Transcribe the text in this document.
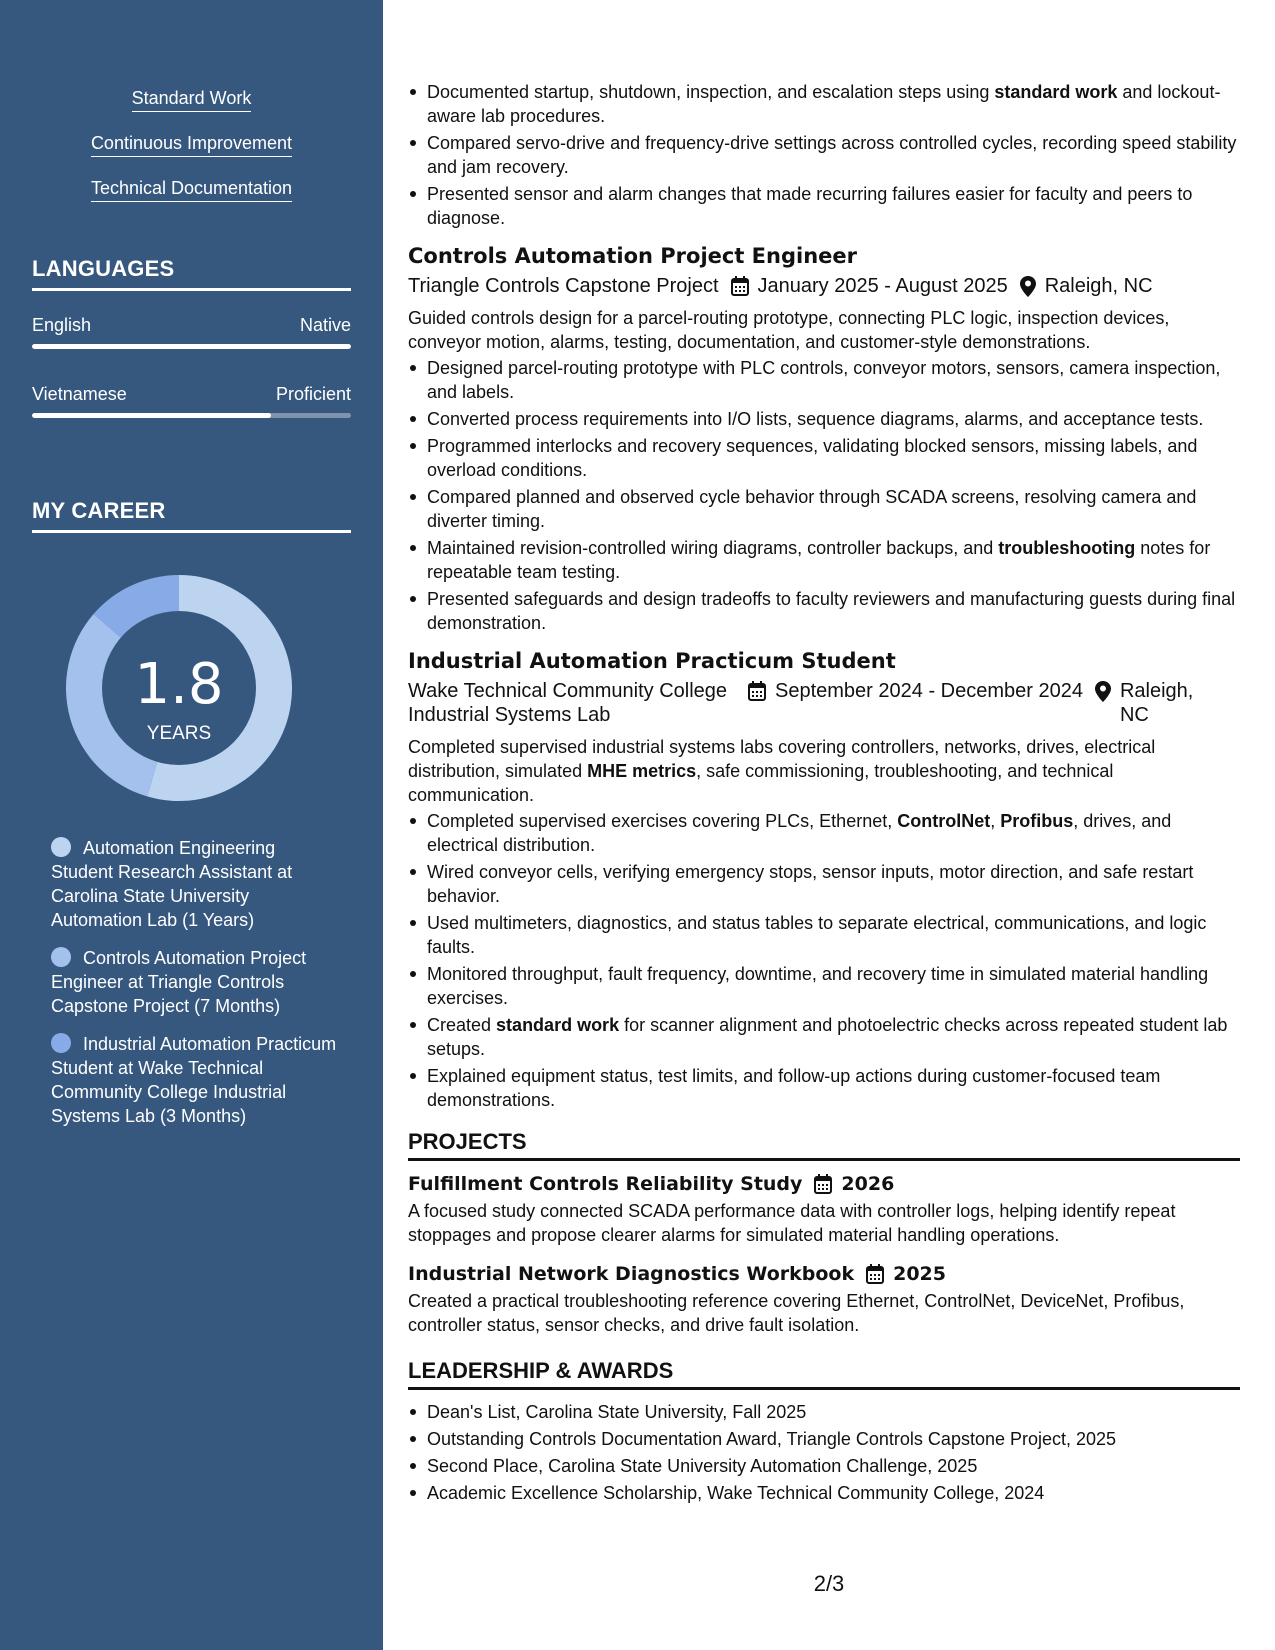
Standard Work
Continuous Improvement
Technical Documentation
LANGUAGES
English	Native
Vietnamese	Proficient
MY CAREER
1.8
YEARS
Automation Engineering Student Research Assistant at Carolina State University Automation Lab (1 Years)
Controls Automation Project Engineer at Triangle Controls Capstone Project (7 Months)
Industrial Automation Practicum Student at Wake Technical Community College Industrial Systems Lab (3 Months)
Documented startup, shutdown, inspection, and escalation steps using standard work and lockout-aware lab procedures.
Compared servo-drive and frequency-drive settings across controlled cycles, recording speed stability and jam recovery.
Presented sensor and alarm changes that made recurring failures easier for faculty and peers to diagnose.
Controls Automation Project Engineer
Triangle Controls Capstone Project January 2025 - August 2025 Raleigh, NC
Guided controls design for a parcel-routing prototype, connecting PLC logic, inspection devices, conveyor motion, alarms, testing, documentation, and customer-style demonstrations.
Designed parcel-routing prototype with PLC controls, conveyor motors, sensors, camera inspection, and labels.
Converted process requirements into I/O lists, sequence diagrams, alarms, and acceptance tests.
Programmed interlocks and recovery sequences, validating blocked sensors, missing labels, and overload conditions.
Compared planned and observed cycle behavior through SCADA screens, resolving camera and diverter timing.
Maintained revision-controlled wiring diagrams, controller backups, and troubleshooting notes for repeatable team testing.
Presented safeguards and design tradeoffs to faculty reviewers and manufacturing guests during final demonstration.
Industrial Automation Practicum Student
Wake Technical Community College Industrial Systems Lab
September 2024 - December 2024 Raleigh, NC
Completed supervised industrial systems labs covering controllers, networks, drives, electrical distribution, simulated MHE metrics, safe commissioning, troubleshooting, and technical communication.
Completed supervised exercises covering PLCs, Ethernet, ControlNet, Profibus, drives, and electrical distribution.
Wired conveyor cells, verifying emergency stops, sensor inputs, motor direction, and safe restart behavior.
Used multimeters, diagnostics, and status tables to separate electrical, communications, and logic faults.
Monitored throughput, fault frequency, downtime, and recovery time in simulated material handling exercises.
Created standard work for scanner alignment and photoelectric checks across repeated student lab setups.
Explained equipment status, test limits, and follow-up actions during customer-focused team demonstrations.
PROJECTS
Fulfillment Controls Reliability Study 2026
A focused study connected SCADA performance data with controller logs, helping identify repeat stoppages and propose clearer alarms for simulated material handling operations.
Industrial Network Diagnostics Workbook 2025
Created a practical troubleshooting reference covering Ethernet, ControlNet, DeviceNet, Profibus, controller status, sensor checks, and drive fault isolation.
LEADERSHIP & AWARDS
Dean's List, Carolina State University, Fall 2025
Outstanding Controls Documentation Award, Triangle Controls Capstone Project, 2025
Second Place, Carolina State University Automation Challenge, 2025
Academic Excellence Scholarship, Wake Technical Community College, 2024
2/3
